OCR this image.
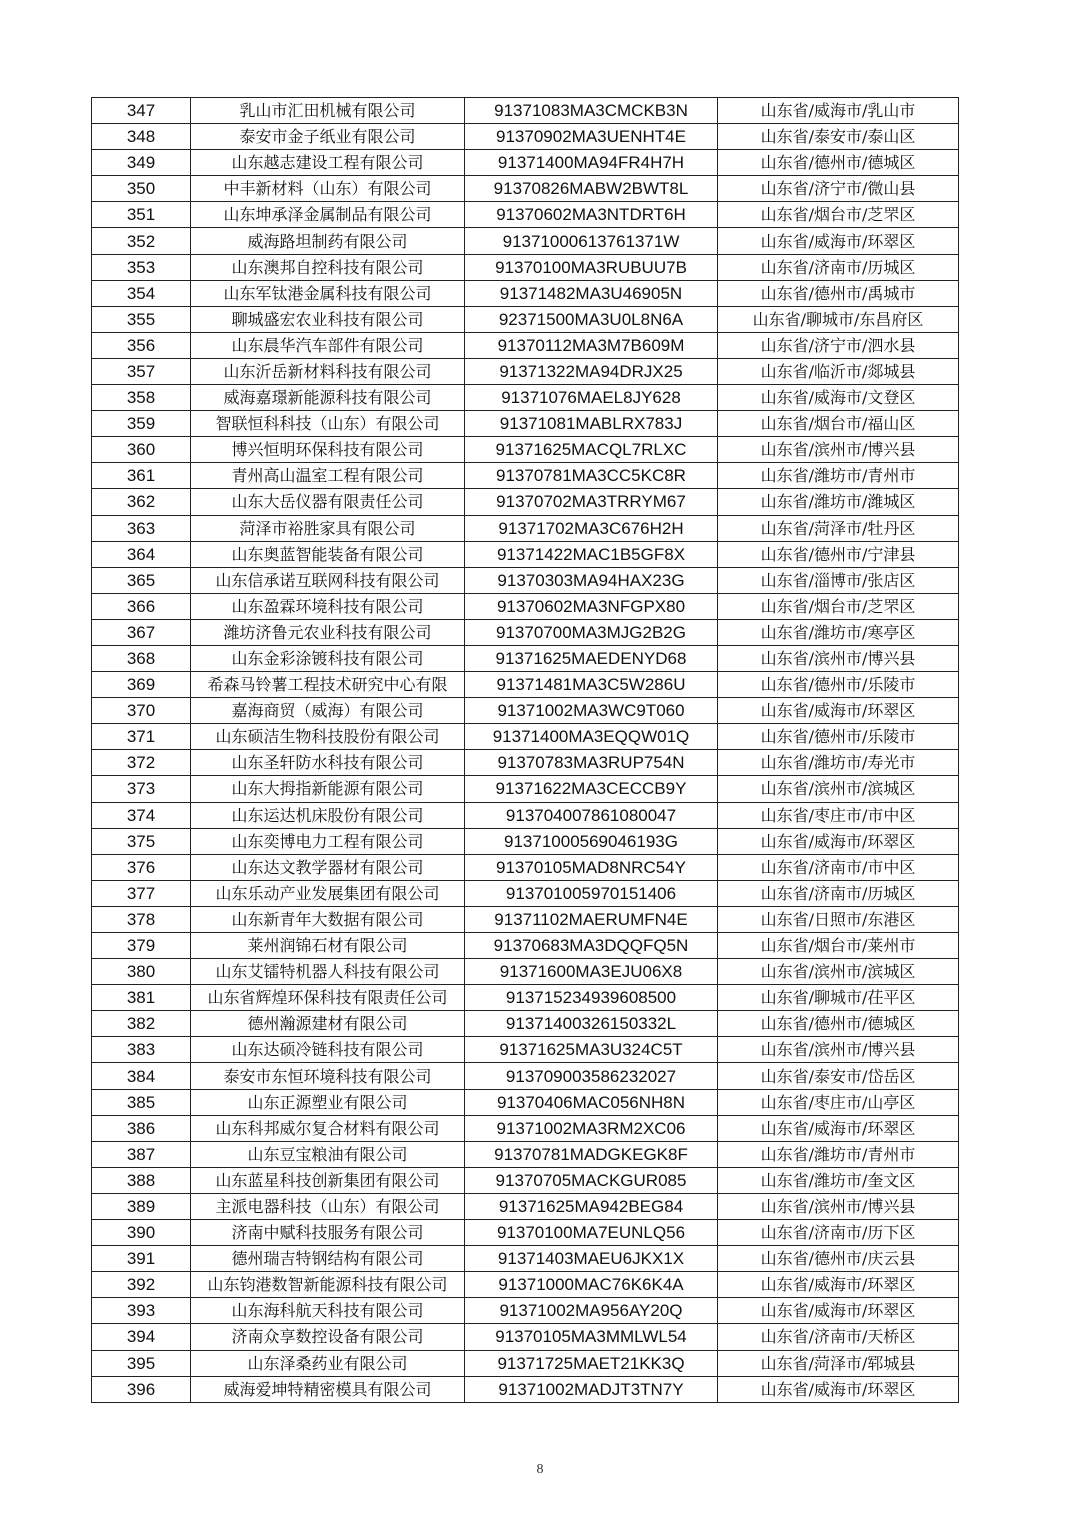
347	乳山市汇田机械有限公司	91371083MA3CMCKB3N	山东省/威海市/乳山市
348	泰安市金子纸业有限公司	91370902MA3UENHT4E	山东省/泰安市/泰山区
349	山东越志建设工程有限公司	91371400MA94FR4H7H	山东省/德州市/德城区
350	中丰新材料（山东）有限公司	91370826MABW2BWT8L	山东省/济宁市/微山县
351	山东坤承泽金属制品有限公司	91370602MA3NTDRT6H	山东省/烟台市/芝罘区
352	威海路坦制药有限公司	91371000613761371W	山东省/威海市/环翠区
353	山东澳邦自控科技有限公司	91370100MA3RUBUU7B	山东省/济南市/历城区
354	山东军钛港金属科技有限公司	91371482MA3U46905N	山东省/德州市/禹城市
355	聊城盛宏农业科技有限公司	92371500MA3U0L8N6A	山东省/聊城市/东昌府区
356	山东晨华汽车部件有限公司	91370112MA3M7B609M	山东省/济宁市/泗水县
357	山东沂岳新材料科技有限公司	91371322MA94DRJX25	山东省/临沂市/郯城县
358	威海嘉璟新能源科技有限公司	91371076MAEL8JY628	山东省/威海市/文登区
359	智联恒科科技（山东）有限公司	91371081MABLRX783J	山东省/烟台市/福山区
360	博兴恒明环保科技有限公司	91371625MACQL7RLXC	山东省/滨州市/博兴县
361	青州高山温室工程有限公司	91370781MA3CC5KC8R	山东省/潍坊市/青州市
362	山东大岳仪器有限责任公司	91370702MA3TRRYM67	山东省/潍坊市/潍城区
363	菏泽市裕胜家具有限公司	91371702MA3C676H2H	山东省/菏泽市/牡丹区
364	山东奥蓝智能装备有限公司	91371422MAC1B5GF8X	山东省/德州市/宁津县
365	山东信承诺互联网科技有限公司	91370303MA94HAX23G	山东省/淄博市/张店区
366	山东盈霖环境科技有限公司	91370602MA3NFGPX80	山东省/烟台市/芝罘区
367	潍坊济鲁元农业科技有限公司	91370700MA3MJG2B2G	山东省/潍坊市/寒亭区
368	山东金彩涂镀科技有限公司	91371625MAEDENYD68	山东省/滨州市/博兴县
369	希森马铃薯工程技术研究中心有限	91371481MA3C5W286U	山东省/德州市/乐陵市
370	嘉海商贸（威海）有限公司	91371002MA3WC9T060	山东省/威海市/环翠区
371	山东硕洁生物科技股份有限公司	91371400MA3EQQW01Q	山东省/德州市/乐陵市
372	山东圣轩防水科技有限公司	91370783MA3RUP754N	山东省/潍坊市/寿光市
373	山东大拇指新能源有限公司	91371622MA3CECCB9Y	山东省/滨州市/滨城区
374	山东运达机床股份有限公司	913704007861080047	山东省/枣庄市/市中区
375	山东奕博电力工程有限公司	91371000569046193G	山东省/威海市/环翠区
376	山东达文教学器材有限公司	91370105MAD8NRC54Y	山东省/济南市/市中区
377	山东乐动产业发展集团有限公司	913701005970151406	山东省/济南市/历城区
378	山东新青年大数据有限公司	91371102MAERUMFN4E	山东省/日照市/东港区
379	莱州润锦石材有限公司	91370683MA3DQQFQ5N	山东省/烟台市/莱州市
380	山东艾镭特机器人科技有限公司	91371600MA3EJU06X8	山东省/滨州市/滨城区
381	山东省辉煌环保科技有限责任公司	913715234939608500	山东省/聊城市/茌平区
382	德州瀚源建材有限公司	91371400326150332L	山东省/德州市/德城区
383	山东达硕冷链科技有限公司	91371625MA3U324C5T	山东省/滨州市/博兴县
384	泰安市东恒环境科技有限公司	913709003586232027	山东省/泰安市/岱岳区
385	山东正源塑业有限公司	91370406MAC056NH8N	山东省/枣庄市/山亭区
386	山东科邦威尔复合材料有限公司	91371002MA3RM2XC06	山东省/威海市/环翠区
387	山东豆宝粮油有限公司	91370781MADGKEGK8F	山东省/潍坊市/青州市
388	山东蓝星科技创新集团有限公司	91370705MACKGUR085	山东省/潍坊市/奎文区
389	主派电器科技（山东）有限公司	91371625MA942BEG84	山东省/滨州市/博兴县
390	济南中赋科技服务有限公司	91370100MA7EUNLQ56	山东省/济南市/历下区
391	德州瑞吉特钢结构有限公司	91371403MAEU6JKX1X	山东省/德州市/庆云县
392	山东钧港数智新能源科技有限公司	91371000MAC76K6K4A	山东省/威海市/环翠区
393	山东海科航天科技有限公司	91371002MA956AY20Q	山东省/威海市/环翠区
394	济南众享数控设备有限公司	91370105MA3MMLWL54	山东省/济南市/天桥区
395	山东泽桑药业有限公司	91371725MAET21KK3Q	山东省/菏泽市/郓城县
396	威海爱坤特精密模具有限公司	91371002MADJT3TN7Y	山东省/威海市/环翠区
8
